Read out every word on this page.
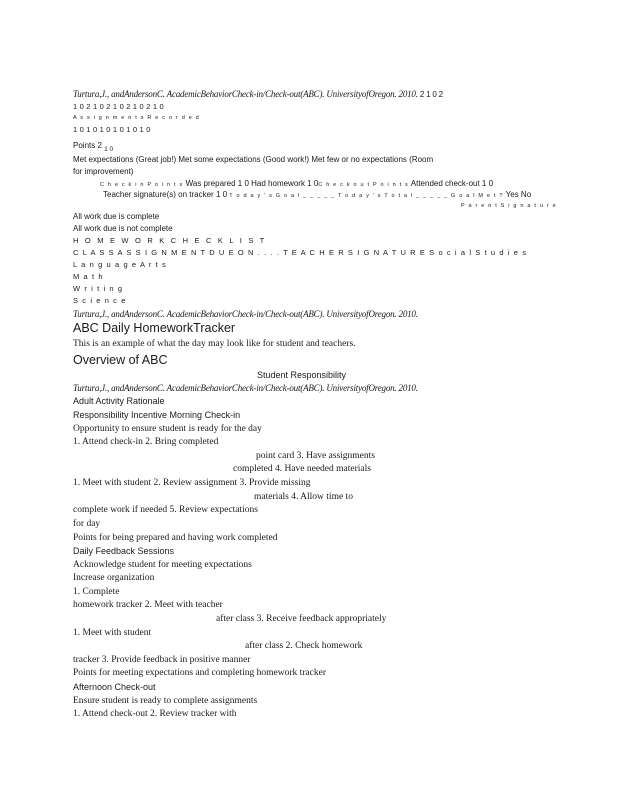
Turtura,J., andAndersonC. AcademicBehaviorCheck-in/Check-out(ABC). UniversityofOregon. 2010. 2 1 0 2
1 0 2 1 0 2 1 0 2 1 0 2 1 0
A s s i g n m e n t s R e c o r d e d
1 0 1 0 1 0 1 0 1 0 1 0
Points 2 $_{1 0}$
Met expectations (Great job!) Met some expectations (Good work!) Met few or no expectations (Room
for improvement)
C h e c k i n P o i n t s Was prepared 1 0 Had homework 1 0C h e c k o u t P o i n t s Attended check-out 1 0
Teacher signature(s) on tracker 1 0 T o d a y ' s G o a l _ _ _ _ _ T o d a y ' s T o t a l _ _ _ _ _ G o a l M e t ? Yes No
P a r e n t S i g n a t u r e
All work due is complete
All work due is not complete
H O M E W O R K C H E C K L I S T
C L A S S A S S I G N M E N T D U E O N . . . . T E A C H E R S I G N A T U R E S o c i a l S t u d i e s
L a n g u a g e A r t s
M a t h
W r i t i n g
S c i e n c e
Turtura,J., andAndersonC. AcademicBehaviorCheck-in/Check-out(ABC). UniversityofOregon. 2010.
ABC Daily HomeworkTracker
This is an example of what the day may look like for student and teachers.
Overview of ABC
Student Responsibility
Turtura,J., andAndersonC. AcademicBehaviorCheck-in/Check-out(ABC). UniversityofOregon. 2010.
Adult Activity Rationale
Responsibility Incentive Morning Check-in
Opportunity to ensure student is ready for the day
1. Attend check-in 2. Bring completed
point card 3. Have assignments
completed 4. Have needed materials
1. Meet with student 2. Review assignment 3. Provide missing
materials 4. Allow time to
complete work if needed 5. Review expectations
for day
Points for being prepared and having work completed
Daily Feedback Sessions
Acknowledge student for meeting expectations
Increase organization
1. Complete
homework tracker 2. Meet with teacher
after class 3. Receive feedback appropriately
1. Meet with student
after class 2. Check homework
tracker 3. Provide feedback in positive manner
Points for meeting expectations and completing homework tracker
Afternoon Check-out
Ensure student is ready to complete assignments
1. Attend check-out 2. Review tracker with
